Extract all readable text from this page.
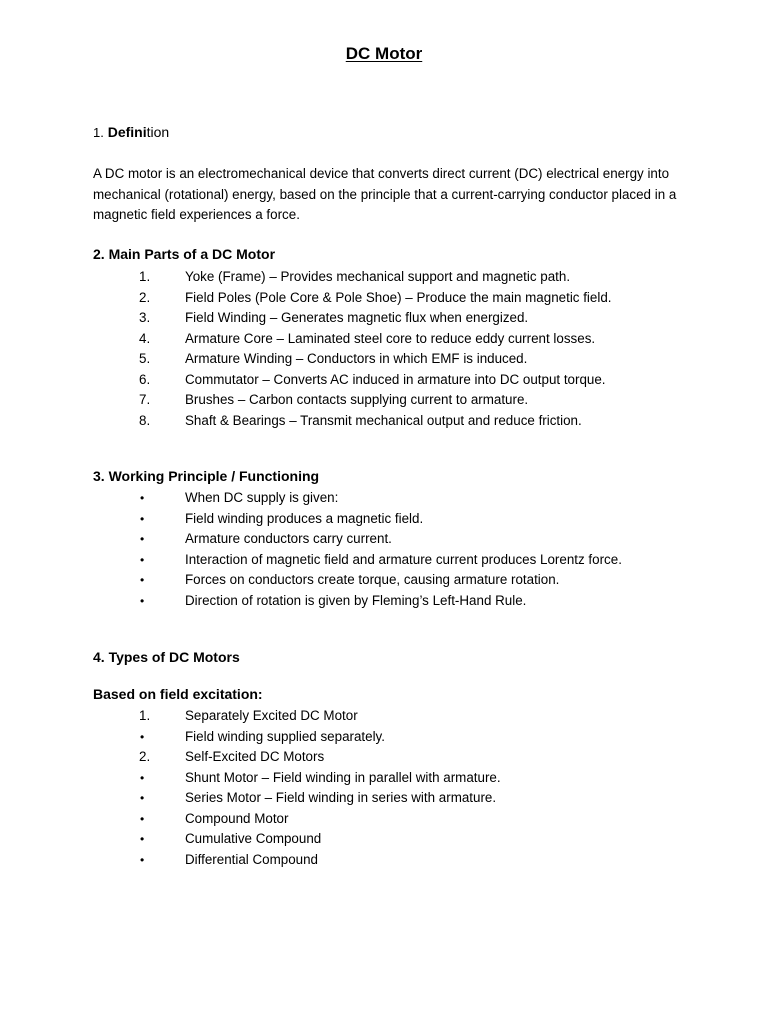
DC Motor
1. Definition
A DC motor is an electromechanical device that converts direct current (DC) electrical energy into mechanical (rotational) energy, based on the principle that a current-carrying conductor placed in a magnetic field experiences a force.
2. Main Parts of a DC Motor
1.	Yoke (Frame) – Provides mechanical support and magnetic path.
2.	Field Poles (Pole Core & Pole Shoe) – Produce the main magnetic field.
3.	Field Winding – Generates magnetic flux when energized.
4.	Armature Core – Laminated steel core to reduce eddy current losses.
5.	Armature Winding – Conductors in which EMF is induced.
6.	Commutator – Converts AC induced in armature into DC output torque.
7.	Brushes – Carbon contacts supplying current to armature.
8.	Shaft & Bearings – Transmit mechanical output and reduce friction.
3. Working Principle / Functioning
•	When DC supply is given:
•	Field winding produces a magnetic field.
•	Armature conductors carry current.
•	Interaction of magnetic field and armature current produces Lorentz force.
•	Forces on conductors create torque, causing armature rotation.
•	Direction of rotation is given by Fleming’s Left-Hand Rule.
4. Types of DC Motors
Based on field excitation:
1.	Separately Excited DC Motor
•	Field winding supplied separately.
2.	Self-Excited DC Motors
•	Shunt Motor – Field winding in parallel with armature.
•	Series Motor – Field winding in series with armature.
•	Compound Motor
•	Cumulative Compound
•	Differential Compound
